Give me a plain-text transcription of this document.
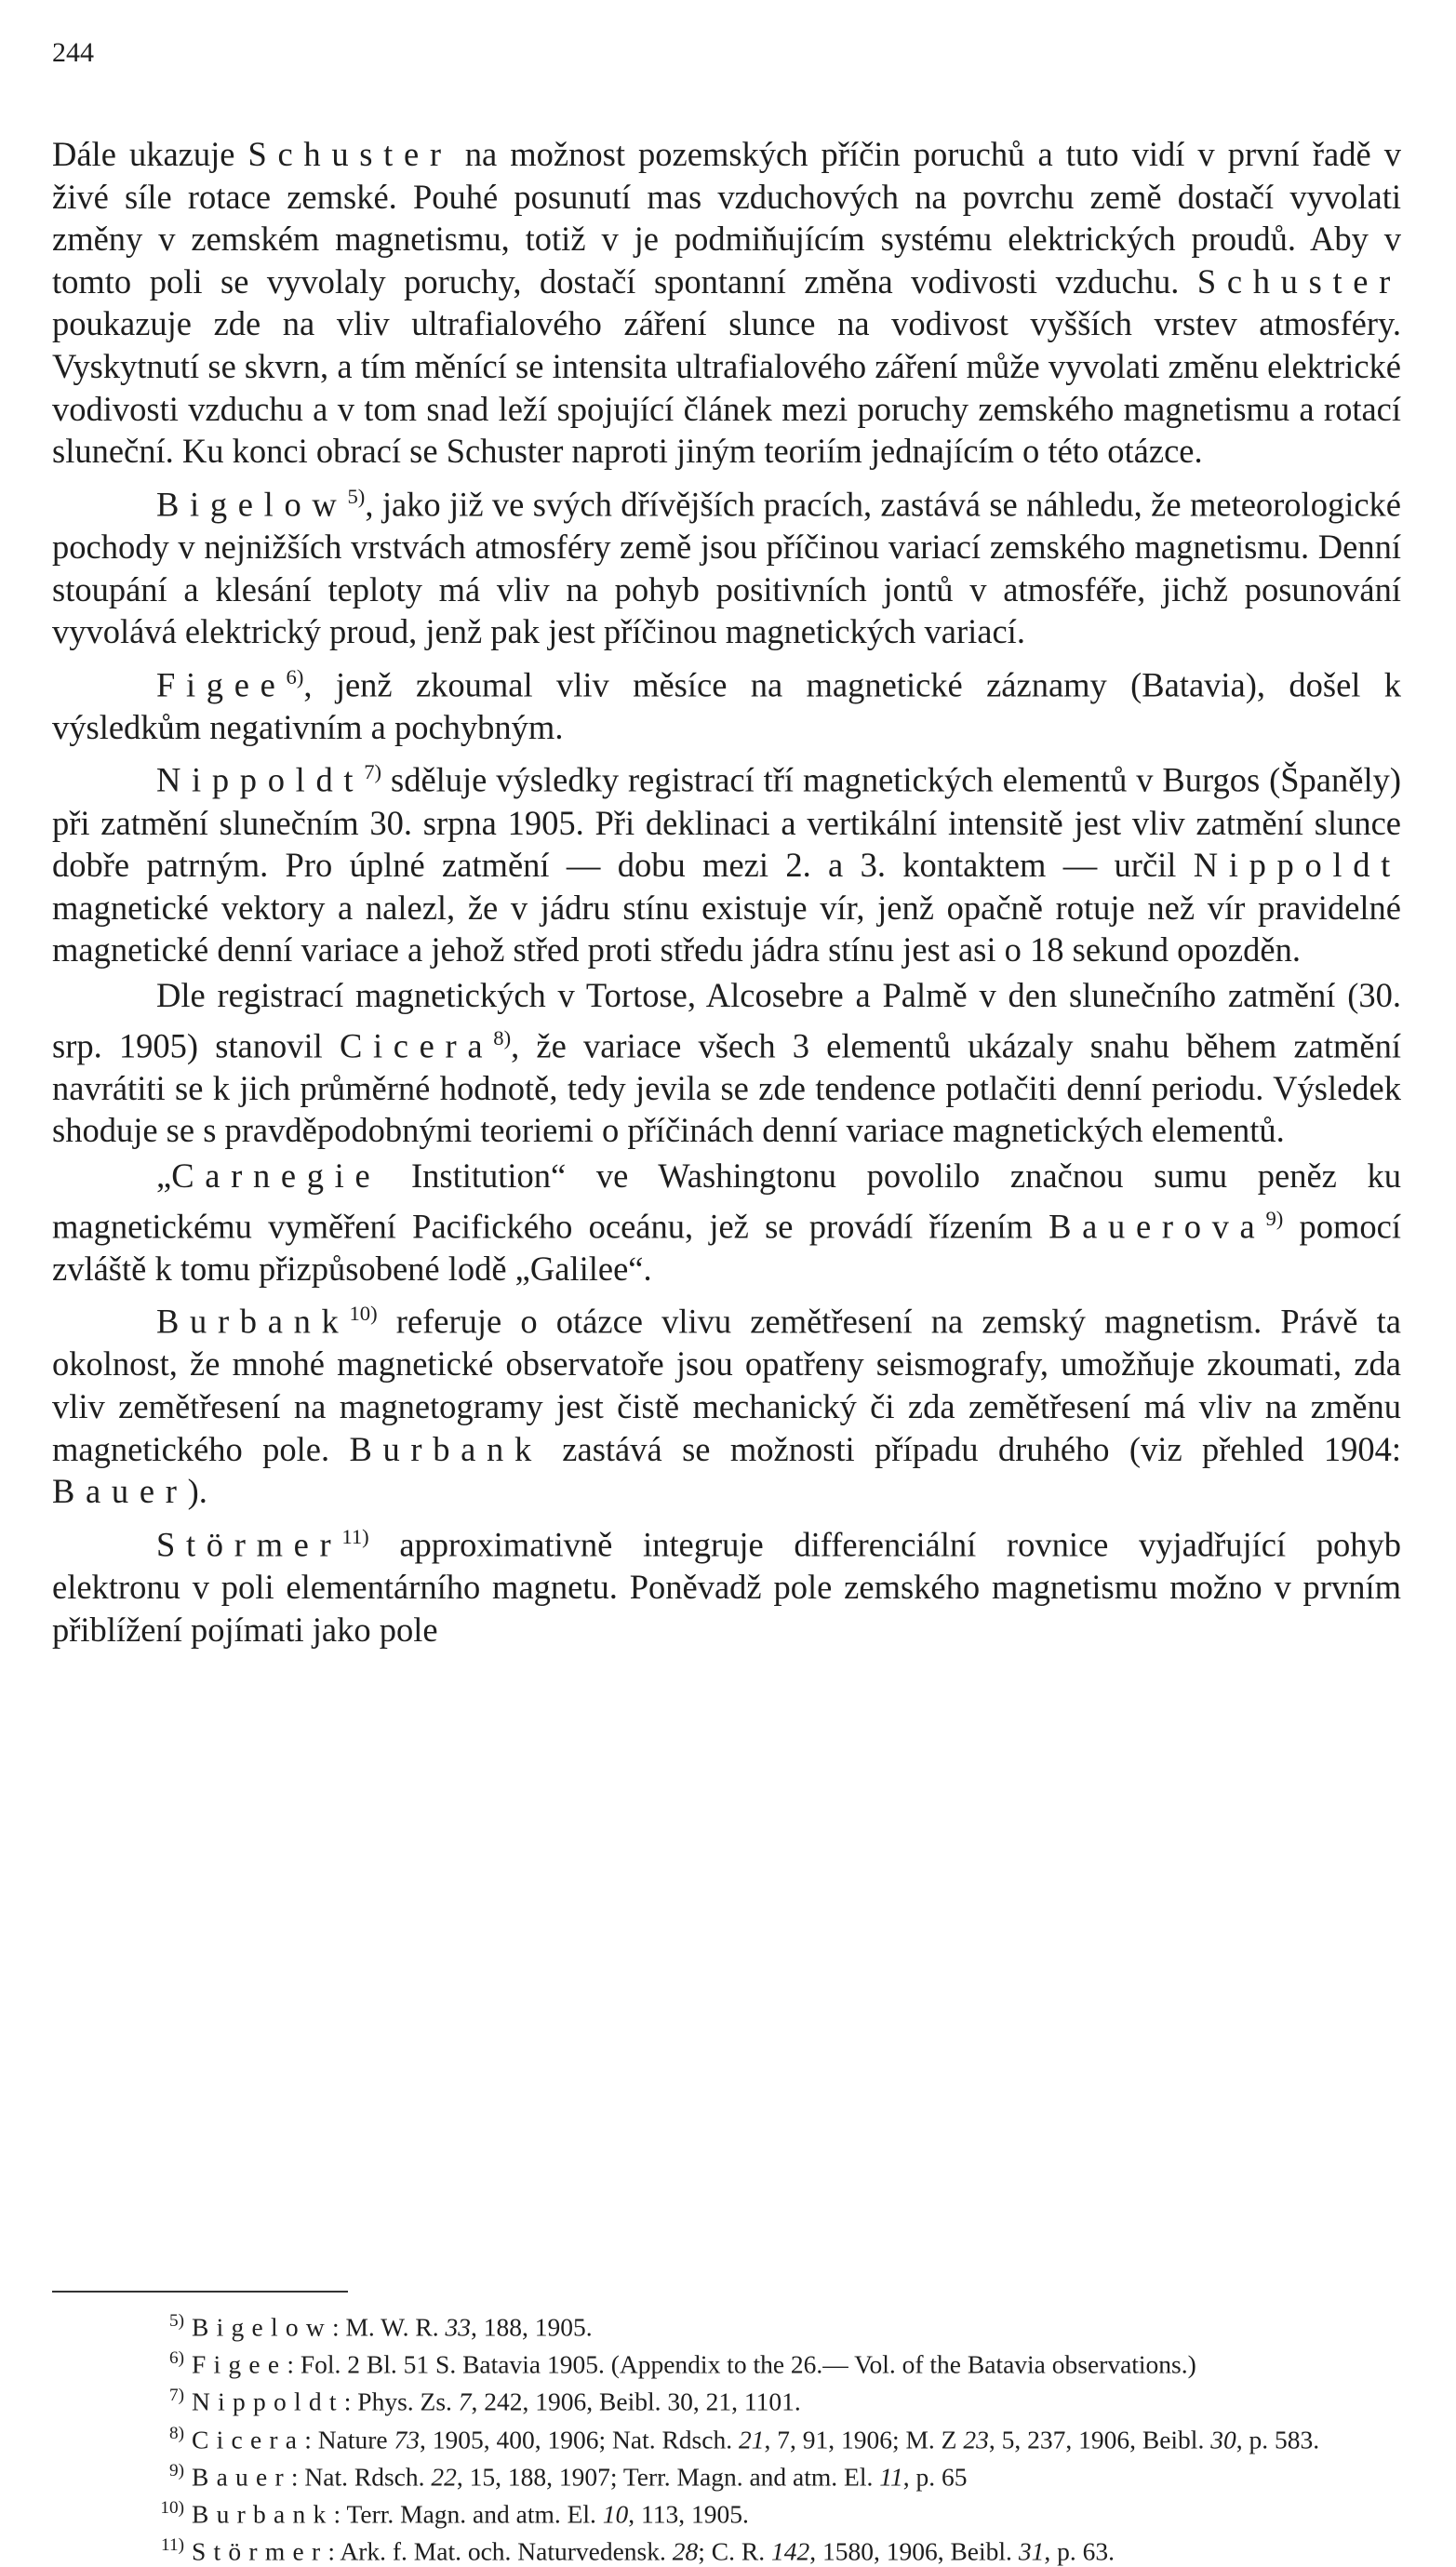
244

Dále ukazuje Schuster na možnost pozemských příčin poruchů a tuto vidí v první řadě v živé síle rotace zemské. Pouhé posunutí mas vzduchových na povrchu země dostačí vyvolati změny v zemském magnetismu, totiž v je podmiňujícím systému elektrických proudů. Aby v tomto poli se vyvolaly poruchy, dostačí spontanní změna vodivosti vzduchu. Schuster poukazuje zde na vliv ultrafialového záření slunce na vodivost vyšších vrstev atmosféry. Vyskytnutí se skvrn, a tím měnící se intensita ultrafialového záření může vyvolati změnu elektrické vodivosti vzduchu a v tom snad leží spojující článek mezi poruchy zemského magnetismu a rotací sluneční. Ku konci obrací se Schuster naproti jiným teoriím jednajícím o této otázce.

Bigelow$^{5)}$, jako již ve svých dřívějších pracích, zastává se náhledu, že meteorologické pochody v nejnižších vrstvách atmosféry země jsou příčinou variací zemského magnetismu. Denní stoupání a klesání teploty má vliv na pohyb positivních jontů v atmosféře, jichž posunování vyvolává elektrický proud, jenž pak jest příčinou magnetických variací.

Figee$^{6)}$, jenž zkoumal vliv měsíce na magnetické záznamy (Batavia), došel k výsledkům negativním a pochybným.

Nippoldt$^{7)}$ sděluje výsledky registrací tří magnetických elementů v Burgos (Španěly) při zatmění slunečním 30. srpna 1905. Při deklinaci a vertikální intensitě jest vliv zatmění slunce dobře patrným. Pro úplné zatmění — dobu mezi 2. a 3. kontaktem — určil Nippoldt magnetické vektory a nalezl, že v jádru stínu existuje vír, jenž opačně rotuje než vír pravidelné magnetické denní variace a jehož střed proti středu jádra stínu jest asi o 18 sekund opozděn.

Dle registrací magnetických v Tortose, Alcosebre a Palmě v den slunečního zatmění (30. srp. 1905) stanovil Cicera$^{8)}$, že variace všech 3 elementů ukázaly snahu během zatmění navrátiti se k jich průměrné hodnotě, tedy jevila se zde tendence potlačiti denní periodu. Výsledek shoduje se s pravděpodobnými teoriemi o příčinách denní variace magnetických elementů.

„Carnegie Institution“ ve Washingtonu povolilo značnou sumu peněz ku magnetickému vyměření Pacifického oceánu, jež se provádí řízením Bauerova$^{9)}$ pomocí zvláště k tomu přizpůsobené lodě „Galilee“.

Burbank$^{10)}$ referuje o otázce vlivu zemětřesení na zemský magnetism. Právě ta okolnost, že mnohé magnetické observatoře jsou opatřeny seismografy, umožňuje zkoumati, zda vliv zemětřesení na magnetogramy jest čistě mechanický či zda zemětřesení má vliv na změnu magnetického pole. Burbank zastává se možnosti případu druhého (viz přehled 1904: Bauer).

Störmer$^{11)}$ approximativně integruje differenciální rovnice vyjadřující pohyb elektronu v poli elementárního magnetu. Poněvadž pole zemského magnetismu možno v prvním přiblížení pojímati jako pole

$^{5)}$ Bigelow: M. W. R. 33, 188, 1905.

$^{6)}$ Figee: Fol. 2 Bl. 51 S. Batavia 1905. (Appendix to the 26.— Vol. of the Batavia observations.)

$^{7)}$ Nippoldt: Phys. Zs. 7, 242, 1906, Beibl. 30, 21, 1101.

$^{8)}$ Cicera: Nature 73, 1905, 400, 1906; Nat. Rdsch. 21, 7, 91, 1906; M. Z 23, 5, 237, 1906, Beibl. 30, p. 583.

$^{9)}$ Bauer: Nat. Rdsch. 22, 15, 188, 1907; Terr. Magn. and atm. El. 11, p. 65

$^{10)}$ Burbank: Terr. Magn. and atm. El. 10, 113, 1905.

$^{11)}$ Störmer: Ark. f. Mat. och. Naturvedensk. 28; C. R. 142, 1580, 1906, Beibl. 31, p. 63.
